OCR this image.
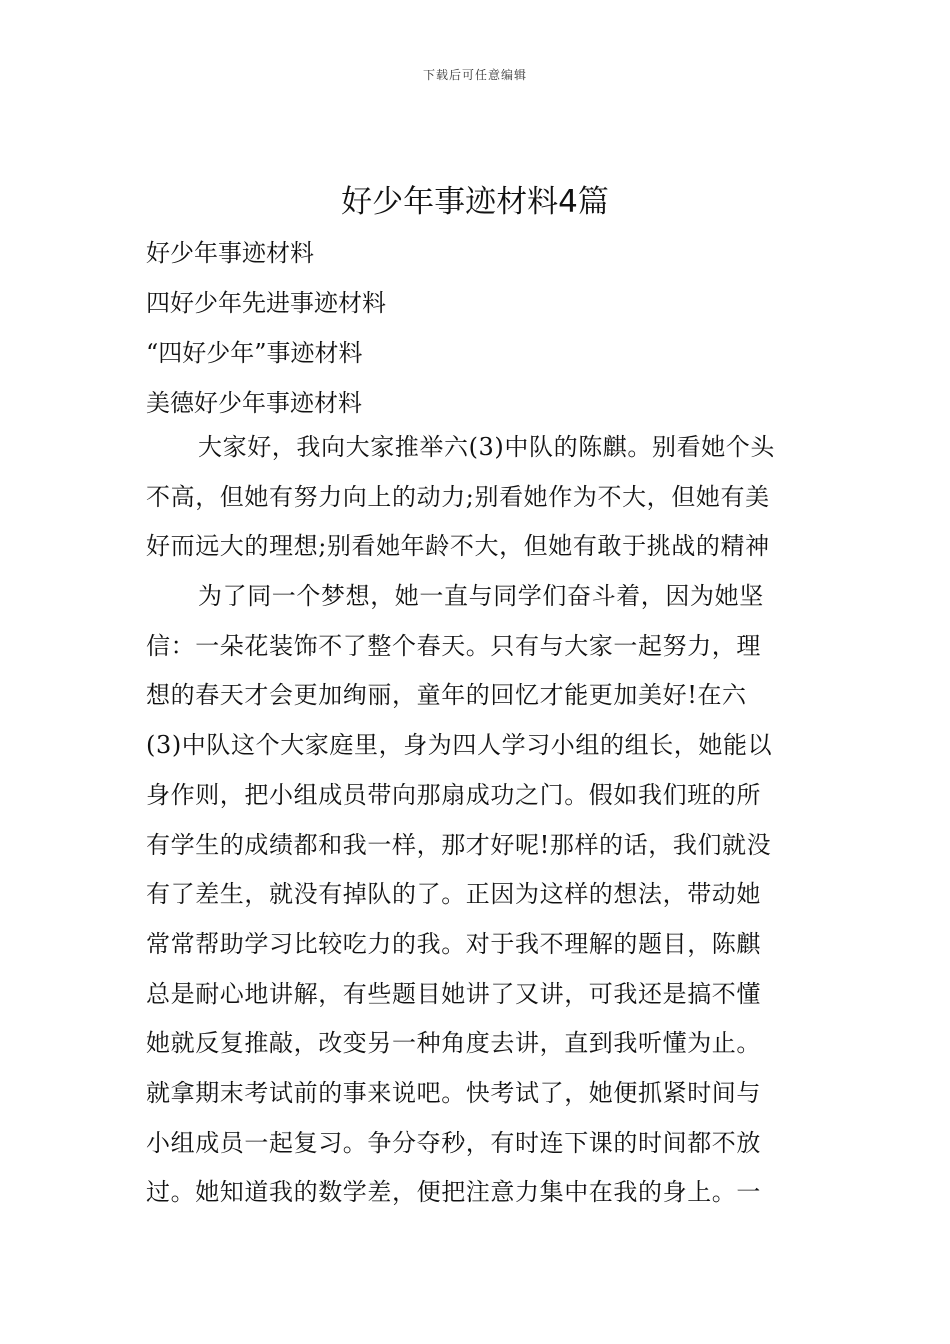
下载后可任意编辑
好少年事迹材料4篇
好少年事迹材料
四好少年先进事迹材料
“四好少年”事迹材料
美德好少年事迹材料
大家好，我向大家推举六(3)中队的陈麒。别看她个头
不高，但她有努力向上的动力;别看她作为不大，但她有美
好而远大的理想;别看她年龄不大，但她有敢于挑战的精神
为了同一个梦想，她一直与同学们奋斗着，因为她坚
信：一朵花装饰不了整个春天。只有与大家一起努力，理
想的春天才会更加绚丽，童年的回忆才能更加美好!在六
(3)中队这个大家庭里，身为四人学习小组的组长，她能以
身作则，把小组成员带向那扇成功之门。假如我们班的所
有学生的成绩都和我一样，那才好呢!那样的话，我们就没
有了差生，就没有掉队的了。正因为这样的想法，带动她
常常帮助学习比较吃力的我。对于我不理解的题目，陈麒
总是耐心地讲解，有些题目她讲了又讲，可我还是搞不懂
她就反复推敲，改变另一种角度去讲，直到我听懂为止。
就拿期末考试前的事来说吧。快考试了，她便抓紧时间与
小组成员一起复习。争分夺秒，有时连下课的时间都不放
过。她知道我的数学差，便把注意力集中在我的身上。一
